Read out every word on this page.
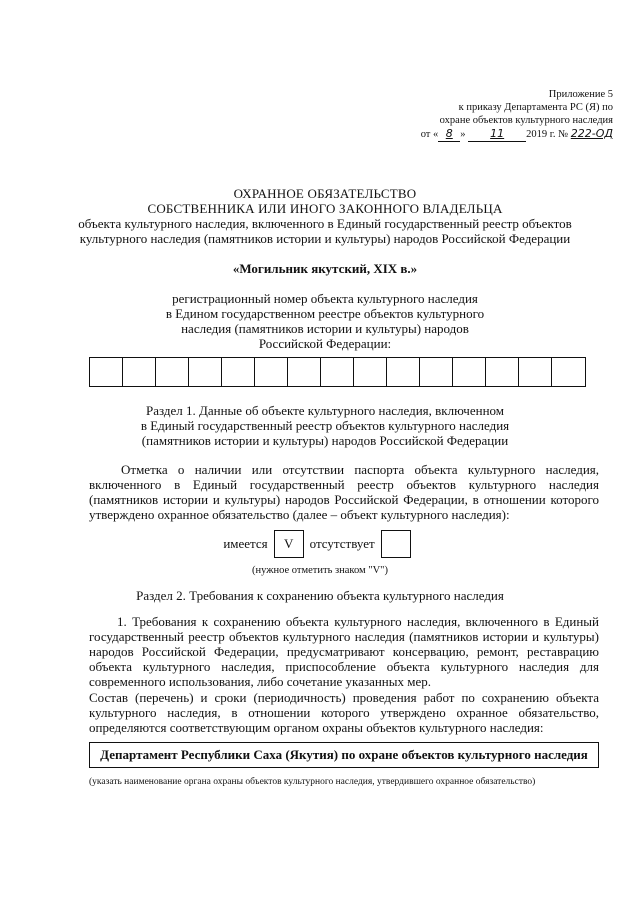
Приложение 5
к приказу Департамента РС (Я) по
охране объектов культурного наследия
от « 8 » 11 2019 г. № 222-ОД
ОХРАННОЕ ОБЯЗАТЕЛЬСТВО
СОБСТВЕННИКА ИЛИ ИНОГО ЗАКОННОГО ВЛАДЕЛЬЦА
объекта культурного наследия, включенного в Единый государственный реестр объектов
культурного наследия (памятников истории и культуры) народов Российской Федерации
«Могильник якутский, XIX в.»
регистрационный номер объекта культурного наследия
в Едином государственном реестре объектов культурного
наследия (памятников истории и культуры) народов
Российской Федерации:
Раздел 1. Данные об объекте культурного наследия, включенном
в Единый государственный реестр объектов культурного наследия
(памятников истории и культуры) народов Российской Федерации
Отметка о наличии или отсутствии паспорта объекта культурного наследия, включенного в Единый государственный реестр объектов культурного наследия (памятников истории и культуры) народов Российской Федерации, в отношении которого утверждено охранное обязательство (далее – объект культурного наследия):
имеется	V	отсутствует
(нужное отметить знаком "V")
Раздел 2. Требования к сохранению объекта культурного наследия
1. Требования к сохранению объекта культурного наследия, включенного в Единый государственный реестр объектов культурного наследия (памятников истории и культуры) народов Российской Федерации, предусматривают консервацию, ремонт, реставрацию объекта культурного наследия, приспособление объекта культурного наследия для современного использования, либо сочетание указанных мер.
Состав (перечень) и сроки (периодичность) проведения работ по сохранению объекта культурного наследия, в отношении которого утверждено охранное обязательство, определяются соответствующим органом охраны объектов культурного наследия:
Департамент Республики Саха (Якутия) по охране объектов культурного наследия
(указать наименование органа охраны объектов культурного наследия, утвердившего охранное обязательство)
